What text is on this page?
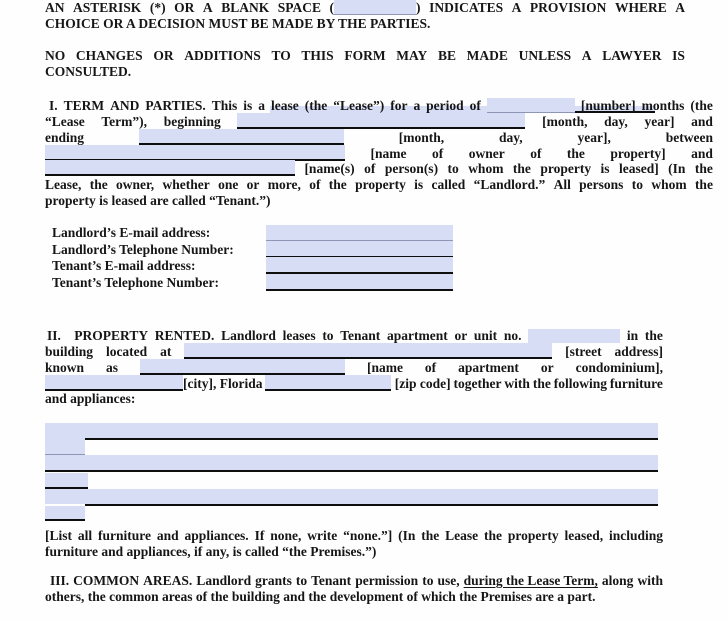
AN ASTERISK (*) OR A BLANK SPACE (	) INDICATES A PROVISION WHERE A
CHOICE OR A DECISION MUST BE MADE BY THE PARTIES.
NO CHANGES OR ADDITIONS TO THIS FORM MAY BE MADE UNLESS A LAWYER IS
CONSULTED.
I. TERM AND PARTIES. This is a lease (the “Lease”) for a period of	[number] months (the
“Lease Term”), beginning	[month, day, year] and
ending	[month,	day,	year],	between
[name of owner of the property] and
[name(s) of person(s) to whom the property is leased] (In the
Lease, the owner, whether one or more, of the property is called “Landlord.” All persons to whom the
property is leased are called “Tenant.”)
II. PROPERTY RENTED. Landlord leases to Tenant apartment or unit no.	in the
building located at	[street address]
known as	[name of apartment or condominium],
[city], Florida	[zip code] together with the following furniture
and appliances:
[List all furniture and appliances. If none, write “none.”] (In the Lease the property leased, including
furniture and appliances, if any, is called “the Premises.”)
III. COMMON AREAS. Landlord grants to Tenant permission to use, during the Lease Term, along with
others, the common areas of the building and the development of which the Premises are a part.
Landlord’s E-mail address:
Landlord’s Telephone Number:
Tenant’s E-mail address:
Tenant’s Telephone Number:
